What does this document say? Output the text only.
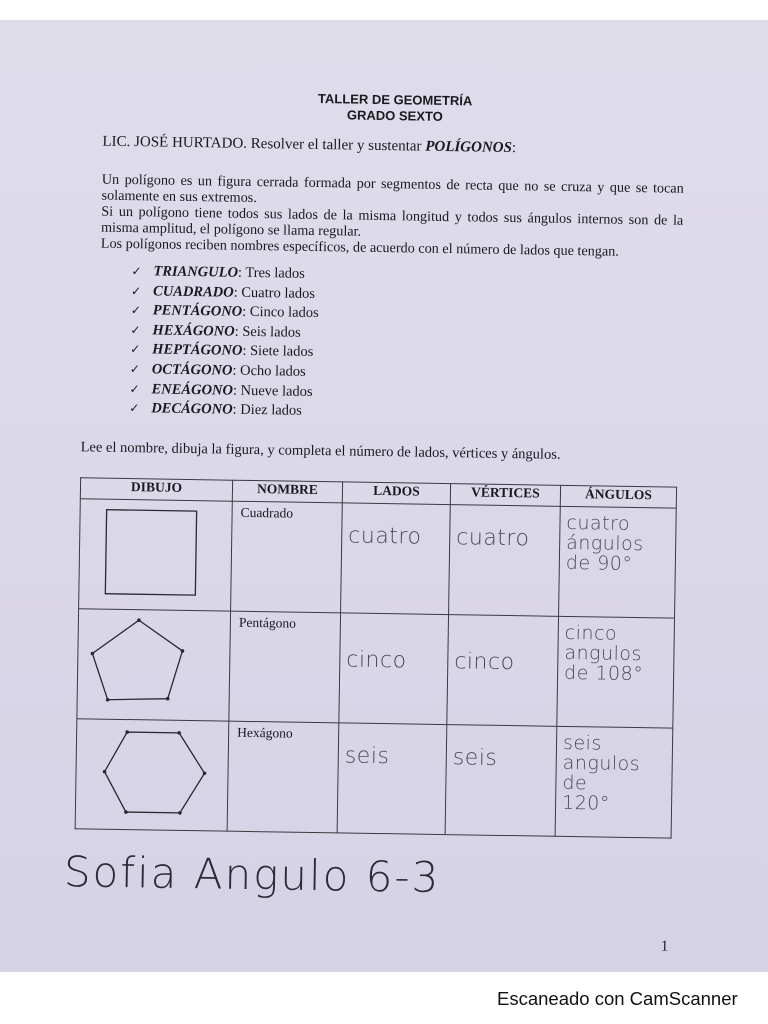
TALLER DE GEOMETRÍA
GRADO SEXTO
LIC. JOSÉ HURTADO. Resolver el taller y sustentar POLÍGONOS:

Un polígono es un figura cerrada formada por segmentos de recta que no se cruza y que se tocan solamente en sus extremos.

Si un polígono tiene todos sus lados de la misma longitud y todos sus ángulos internos son de la misma amplitud, el polígono se llama regular.

Los polígonos reciben nombres específicos, de acuerdo con el número de lados que tengan.

✓ TRIANGULO: Tres lados
✓ CUADRADO: Cuatro lados
✓ PENTÁGONO: Cinco lados
✓ HEXÁGONO: Seis lados
✓ HEPTÁGONO: Siete lados
✓ OCTÁGONO: Ocho lados
✓ ENEÁGONO: Nueve lados
✓ DECÁGONO: Diez lados
Lee el nombre, dibuja la figura, y completa el número de lados, vértices y ángulos.
DIBUJO	NOMBRE	LADOS	VÉRTICES	ÁNGULOS

Cuadrado	cuatro	cuatro	cuatro
ángulos
de 90°

Pentágono	cinco	cinco	cinco
angulos
de 108°

Hexágono	seis	seis	seis
angulos
de
120°
Sofia Angulo 6-3
1
Escaneado con CamScanner
